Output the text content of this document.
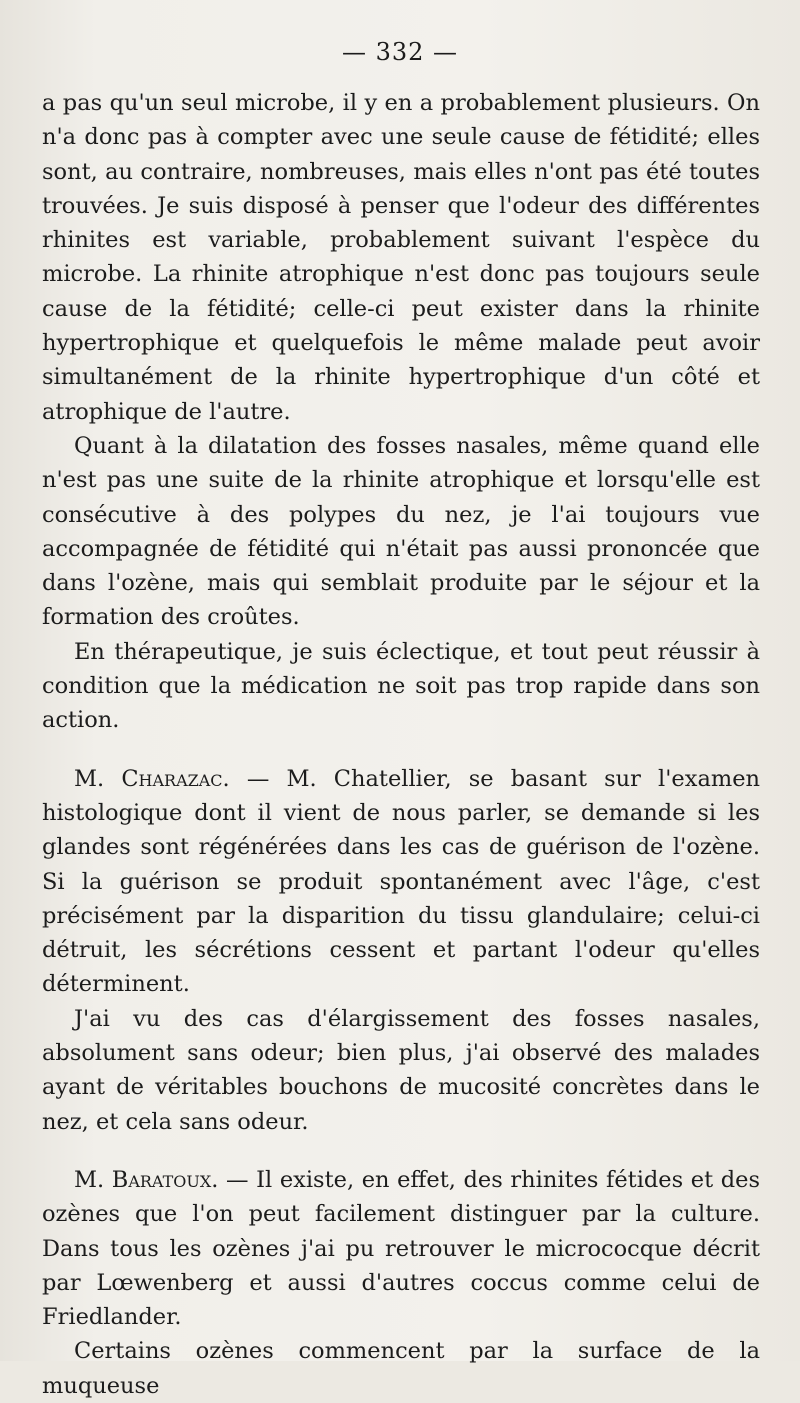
— 332 —

a pas qu'un seul microbe, il y en a probablement plusieurs. On n'a donc pas à compter avec une seule cause de fétidité; elles sont, au contraire, nombreuses, mais elles n'ont pas été toutes trouvées. Je suis disposé à penser que l'odeur des différentes rhinites est variable, probablement suivant l'espèce du microbe. La rhinite atrophique n'est donc pas toujours seule cause de la fétidité; celle-ci peut exister dans la rhinite hypertrophique et quelquefois le même malade peut avoir simultanément de la rhinite hypertrophique d'un côté et atrophique de l'autre.

Quant à la dilatation des fosses nasales, même quand elle n'est pas une suite de la rhinite atrophique et lorsqu'elle est consécutive à des polypes du nez, je l'ai toujours vue accompagnée de fétidité qui n'était pas aussi prononcée que dans l'ozène, mais qui semblait produite par le séjour et la formation des croûtes.

En thérapeutique, je suis éclectique, et tout peut réussir à condition que la médication ne soit pas trop rapide dans son action.

M. Charazac. — M. Chatellier, se basant sur l'examen histologique dont il vient de nous parler, se demande si les glandes sont régénérées dans les cas de guérison de l'ozène. Si la guérison se produit spontanément avec l'âge, c'est précisément par la disparition du tissu glandulaire; celui-ci détruit, les sécrétions cessent et partant l'odeur qu'elles déterminent.

J'ai vu des cas d'élargissement des fosses nasales, absolument sans odeur; bien plus, j'ai observé des malades ayant de véritables bouchons de mucosité concrètes dans le nez, et cela sans odeur.

M. Baratoux. — Il existe, en effet, des rhinites fétides et des ozènes que l'on peut facilement distinguer par la culture. Dans tous les ozènes j'ai pu retrouver le micrococque décrit par Lœwenberg et aussi d'autres coccus comme celui de Friedlander.

Certains ozènes commencent par la surface de la muqueuse
